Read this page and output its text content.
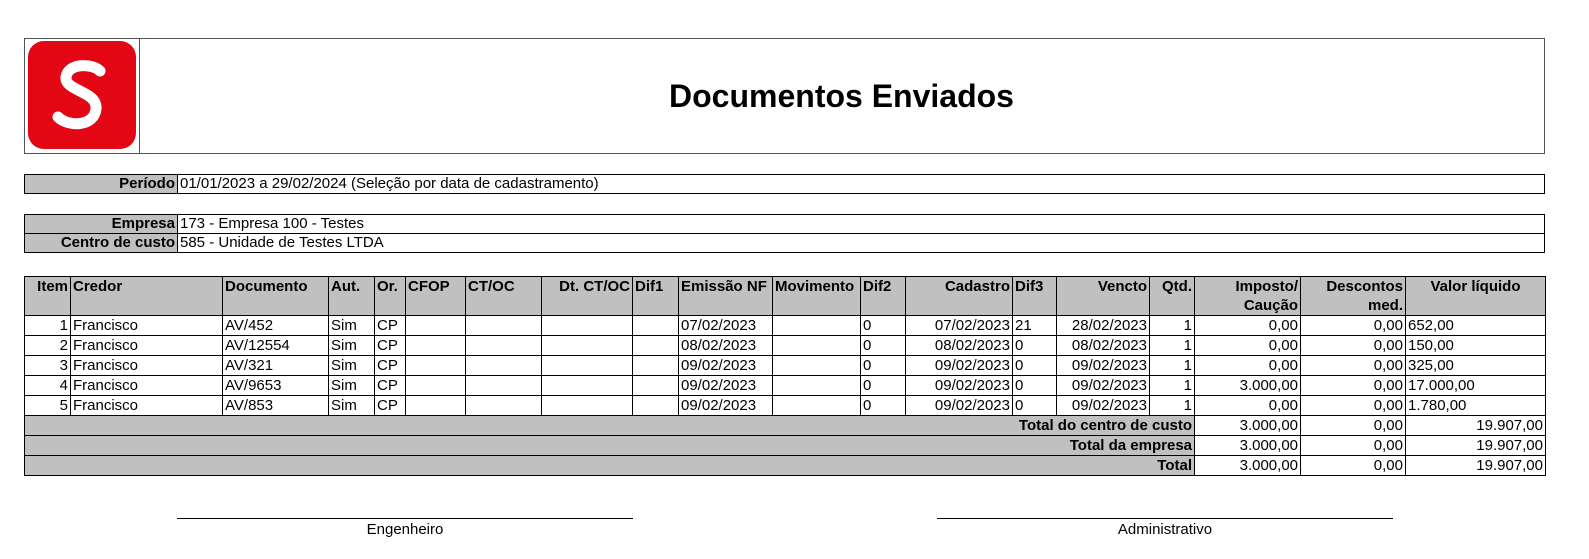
Documentos Enviados
Período	01/01/2023 a 29/02/2024 (Seleção por data de cadastramento)
Empresa	173 - Empresa 100 - Testes
Centro de custo	585 - Unidade de Testes LTDA
Item	Credor	Documento	Aut.	Or.	CFOP	CT/OC	Dt. CT/OC	Dif1	Emissão NF	Movimento	Dif2	Cadastro	Dif3	Vencto	Qtd.	Imposto/ Caução	Descontos med.	Valor líquido
1	Francisco	AV/452	Sim	CP					07/02/2023		0	07/02/2023	21	28/02/2023	1	0,00	0,00	652,00
2	Francisco	AV/12554	Sim	CP					08/02/2023		0	08/02/2023	0	08/02/2023	1	0,00	0,00	150,00
3	Francisco	AV/321	Sim	CP					09/02/2023		0	09/02/2023	0	09/02/2023	1	0,00	0,00	325,00
4	Francisco	AV/9653	Sim	CP					09/02/2023		0	09/02/2023	0	09/02/2023	1	3.000,00	0,00	17.000,00
5	Francisco	AV/853	Sim	CP					09/02/2023		0	09/02/2023	0	09/02/2023	1	0,00	0,00	1.780,00
Total do centro de custo																3.000,00	0,00	19.907,00
Total da empresa																3.000,00	0,00	19.907,00
Total																3.000,00	0,00	19.907,00
Engenheiro	Administrativo
